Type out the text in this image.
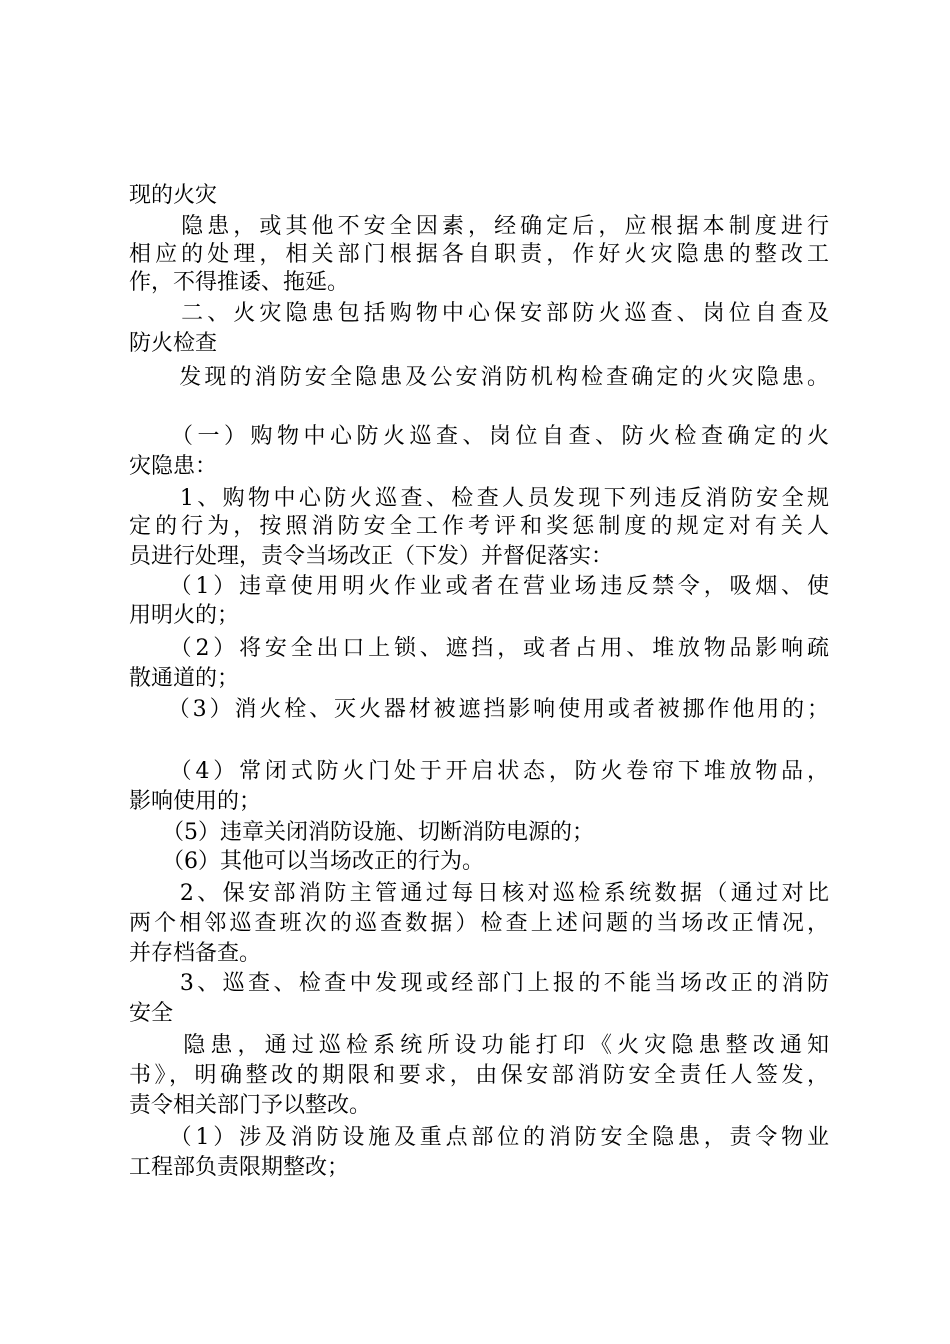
现的火灾
　　隐患，或其他不安全因素，经确定后，应根据本制度进行
相应的处理，相关部门根据各自职责，作好火灾隐患的整改工
作，不得推诿、拖延。
　　二、火灾隐患包括购物中心保安部防火巡查、岗位自查及
防火检查
　　发现的消防安全隐患及公安消防机构检查确定的火灾隐患。
　　（一）购物中心防火巡查、岗位自查、防火检查确定的火
灾隐患：
　　1、购物中心防火巡查、检查人员发现下列违反消防安全规
定的行为，按照消防安全工作考评和奖惩制度的规定对有关人
员进行处理，责令当场改正（下发）并督促落实：
　　（1）违章使用明火作业或者在营业场违反禁令，吸烟、使
用明火的；
　　（2）将安全出口上锁、遮挡，或者占用、堆放物品影响疏
散通道的；
　　（3）消火栓、灭火器材被遮挡影响使用或者被挪作他用的；
　　（4）常闭式防火门处于开启状态，防火卷帘下堆放物品，
影响使用的；
　　（5）违章关闭消防设施、切断消防电源的；
　　（6）其他可以当场改正的行为。
　　2、保安部消防主管通过每日核对巡检系统数据（通过对比
两个相邻巡查班次的巡查数据）检查上述问题的当场改正情况，
并存档备查。
　　3、巡查、检查中发现或经部门上报的不能当场改正的消防
安全
　　隐患，通过巡检系统所设功能打印《火灾隐患整改通知
书》，明确整改的期限和要求，由保安部消防安全责任人签发，
责令相关部门予以整改。
　　（1）涉及消防设施及重点部位的消防安全隐患，责令物业
工程部负责限期整改；
